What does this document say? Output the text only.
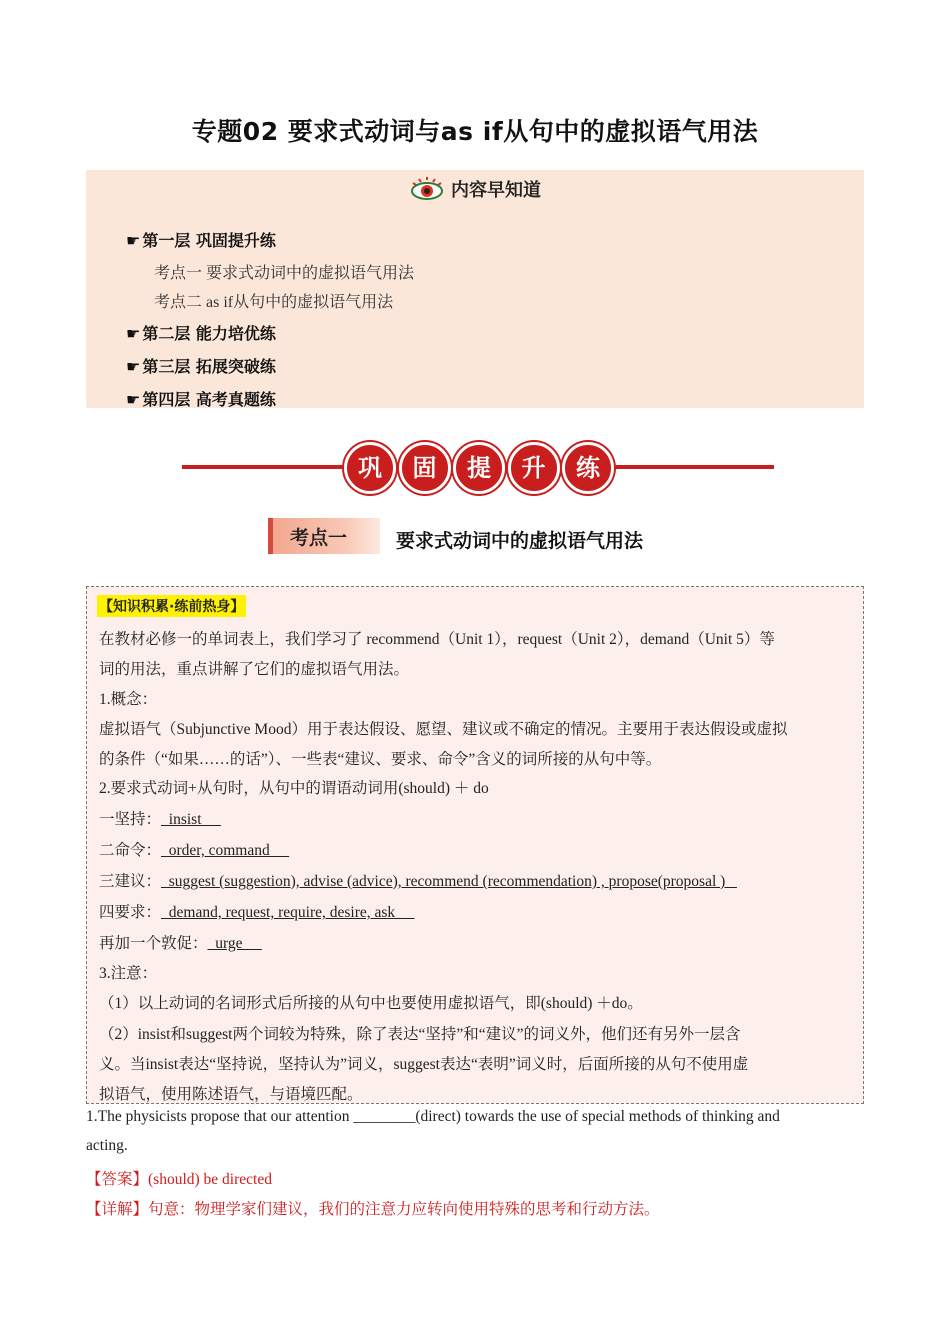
专题02 要求式动词与as if从句中的虚拟语气用法
内容早知道
☛ 第一层 巩固提升练
考点一 要求式动词中的虚拟语气用法
考点二 as if从句中的虚拟语气用法
☛ 第二层 能力培优练
☛ 第三层 拓展突破练
☛ 第四层 高考真题练
巩	固	提	升	练
考点一	要求式动词中的虚拟语气用法
【知识积累·练前热身】
在教材必修一的单词表上，我们学习了 recommend（Unit 1），request（Unit 2），demand（Unit 5）等
词的用法，重点讲解了它们的虚拟语气用法。
1.概念：
虚拟语气（Subjunctive Mood）用于表达假设、愿望、建议或不确定的情况。主要用于表达假设或虚拟
的条件（“如果……的话”）、一些表“建议、要求、命令”含义的词所接的从句中等。
2.要求式动词+从句时，从句中的谓语动词用(should) ＋ do
一坚持：  insist
二命令：  order, command
三建议：  suggest (suggestion), advise (advice), recommend (recommendation) , propose(proposal )
四要求：  demand, request, require, desire, ask
再加一个敦促：  urge
3.注意：
（1）以上动词的名词形式后所接的从句中也要使用虚拟语气，即(should) ＋do。
（2）insist和suggest两个词较为特殊，除了表达“坚持”和“建议”的词义外，他们还有另外一层含
义。当insist表达“坚持说，坚持认为”词义，suggest表达“表明”词义时，后面所接的从句不使用虚
拟语气，使用陈述语气，与语境匹配。
1.The physicists propose that our attention ________(direct) towards the use of special methods of thinking and
acting.
【答案】(should) be directed
【详解】句意：物理学家们建议，我们的注意力应转向使用特殊的思考和行动方法。
